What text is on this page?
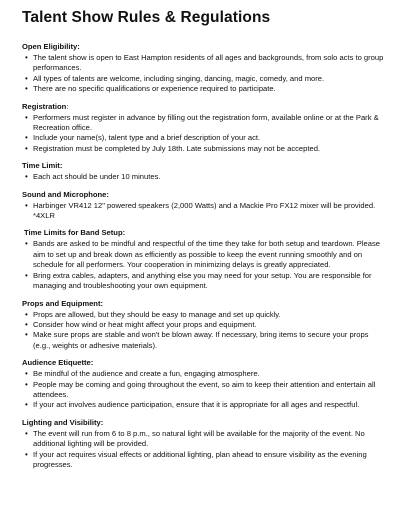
Talent Show Rules & Regulations
Open Eligibility:
• The talent show is open to East Hampton residents of all ages and backgrounds, from solo acts to group performances.
• All types of talents are welcome, including singing, dancing, magic, comedy, and more.
• There are no specific qualifications or experience required to participate.
Registration:
• Performers must register in advance by filling out the registration form, available online or at the Park & Recreation office.
• Include your name(s), talent type and a brief description of your act.
• Registration must be completed by July 18th. Late submissions may not be accepted.
Time Limit:
• Each act should be under 10 minutes.
Sound and Microphone:
• Harbinger VR412 12" powered speakers (2,000 Watts) and a Mackie Pro FX12 mixer will be provided. *4XLR
Time Limits for Band Setup:
• Bands are asked to be mindful and respectful of the time they take for both setup and teardown. Please aim to set up and break down as efficiently as possible to keep the event running smoothly and on schedule for all performers. Your cooperation in minimizing delays is greatly appreciated.
• Bring extra cables, adapters, and anything else you may need for your setup. You are responsible for managing and troubleshooting your own equipment.
Props and Equipment:
• Props are allowed, but they should be easy to manage and set up quickly.
• Consider how wind or heat might affect your props and equipment.
• Make sure props are stable and won't be blown away. If necessary, bring items to secure your props (e.g., weights or adhesive materials).
Audience Etiquette:
• Be mindful of the audience and create a fun, engaging atmosphere.
• People may be coming and going throughout the event, so aim to keep their attention and entertain all attendees.
• If your act involves audience participation, ensure that it is appropriate for all ages and respectful.
Lighting and Visibility:
• The event will run from 6 to 8 p.m., so natural light will be available for the majority of the event. No additional lighting will be provided.
• If your act requires visual effects or additional lighting, plan ahead to ensure visibility as the evening progresses.
